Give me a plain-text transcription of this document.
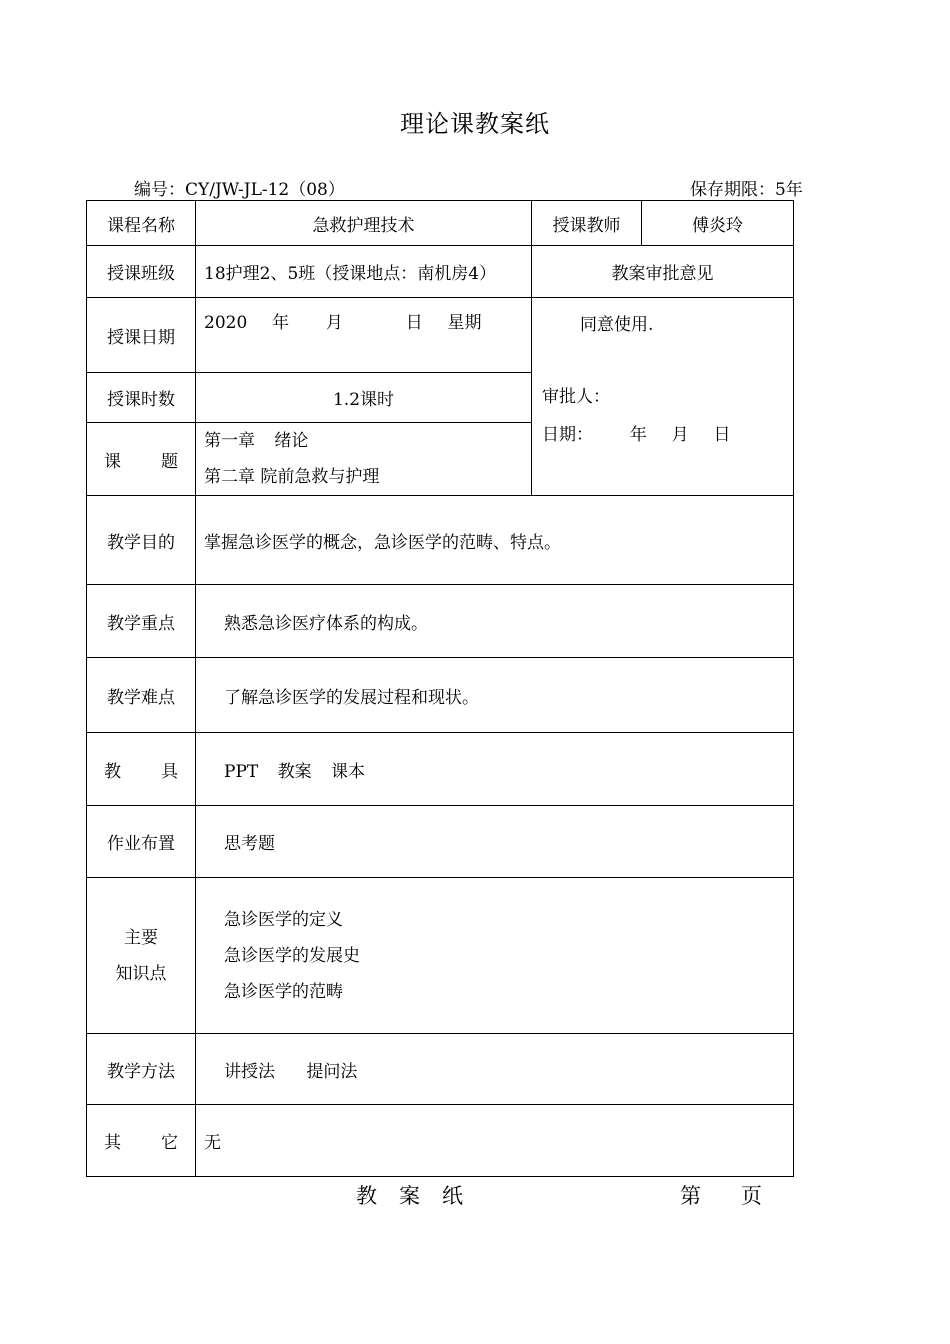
理论课教案纸
编号：CY/JW-JL-12（08）	保存期限：5年
课程名称	急救护理技术	授课教师	傅炎玲
授课班级	18护理2、5班（授课地点：南机房4）	教案审批意见	
授课日期	2020 年 月 日 星期	同意使用.
审批人：
日期： 年 月 日	

授课时数	1.2课时		
课 题	第一章 绪论
第二章 院前急救与护理		

教学目的	掌握急诊医学的概念，急诊医学的范畴、特点。		
教学重点	熟悉急诊医疗体系的构成。		
教学难点	了解急诊医学的发展过程和现状。		
教 具	PPT 教案 课本		
作业布置	思考题		

主要
知识点	急诊医学的定义
急诊医学的发展史
急诊医学的范畴		

教学方法	讲授法 提问法		
其 它	无		
教 案 纸	第 页
